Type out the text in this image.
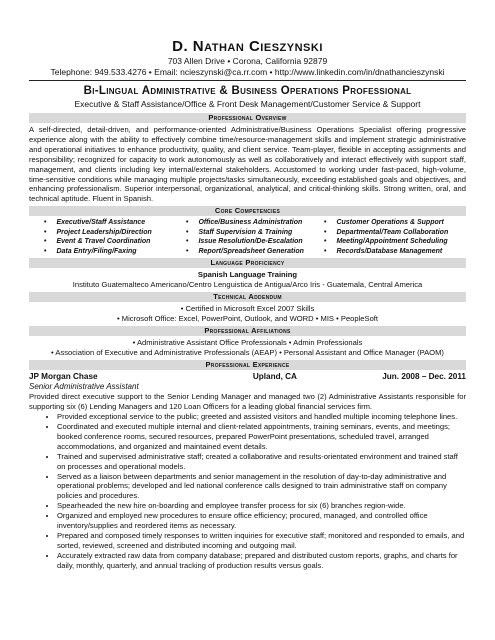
D. Nathan Cieszynski
703 Allen Drive • Corona, California 92879
Telephone: 949.533.4276 • Email: ncieszynski@ca.rr.com • http://www.linkedin.com/in/dnathancieszynski
Bi-Lingual Administrative & Business Operations Professional
Executive & Staff Assistance/Office & Front Desk Management/Customer Service & Support
Professional Overview

A self-directed, detail-driven, and performance-oriented Administrative/Business Operations Specialist offering progressive experience along with the ability to effectively combine time/resource-management skills and implement strategic administrative and operational initiatives to enhance productivity, quality, and client service. Team-player, flexible in accepting assignments and responsibility; recognized for capacity to work autonomously as well as collaboratively and interact effectively with support staff, management, and clients including key internal/external stakeholders. Accustomed to working under fast-paced, high-volume, time-sensitive conditions while managing multiple projects/tasks simultaneously, exceeding established goals and objectives, and enhancing professionalism. Superior interpersonal, organizational, analytical, and critical-thinking skills. Strong written, oral, and technical aptitude. Fluent in Spanish.

Core Competencies
• Executive/Staff Assistance	• Office/Business Administration	• Customer Operations & Support
• Project Leadership/Direction	• Staff Supervision & Training	• Departmental/Team Collaboration
• Event & Travel Coordination	• Issue Resolution/De-Escalation	• Meeting/Appointment Scheduling
• Data Entry/Filing/Faxing	• Report/Spreadsheet Generation	• Records/Database Management
Language Proficiency
Spanish Language Training
Instituto Guatemalteco Americano/Centro Lenguistica de Antigua/Arco Iris - Guatemala, Central America
Technical Addendum
• Certified in Microsoft Excel 2007 Skills
• Microsoft Office: Excel, PowerPoint, Outlook, and WORD • MIS • PeopleSoft
Professional Affiliations
• Administrative Assistant Office Professionals • Admin Professionals
• Association of Executive and Administrative Professionals (AEAP) • Personal Assistant and Office Manager (PAOM)
Professional Experience
JP Morgan Chase	Upland, CA	Jun. 2008 – Dec. 2011
Senior Administrative Assistant

Provided direct executive support to the Senior Lending Manager and managed two (2) Administrative Assistants responsible for supporting six (6) Lending Managers and 120 Loan Officers for a leading global financial services firm.

• Provided exceptional service to the public; greeted and assisted visitors and handled multiple incoming telephone lines.
• Coordinated and executed multiple internal and client-related appointments, training seminars, events, and meetings; booked conference rooms, secured resources, prepared PowerPoint presentations, scheduled travel, arranged accommodations, and organized and maintained event details.
• Trained and supervised administrative staff; created a collaborative and results-orientated environment and trained staff on processes and operational models.
• Served as a liaison between departments and senior management in the resolution of day-to-day administrative and operational problems; developed and led national conference calls designed to train administrative staff on company policies and procedures.
• Spearheaded the new hire on-boarding and employee transfer process for six (6) branches region-wide.
• Organized and employed new procedures to ensure office efficiency; procured, managed, and controlled office inventory/supplies and reordered items as necessary.
• Prepared and composed timely responses to written inquiries for executive staff; monitored and responded to emails, and sorted, reviewed, screened and distributed incoming and outgoing mail.
• Accurately extracted raw data from company database; prepared and distributed custom reports, graphs, and charts for daily, monthly, quarterly, and annual tracking of production results versus goals.
